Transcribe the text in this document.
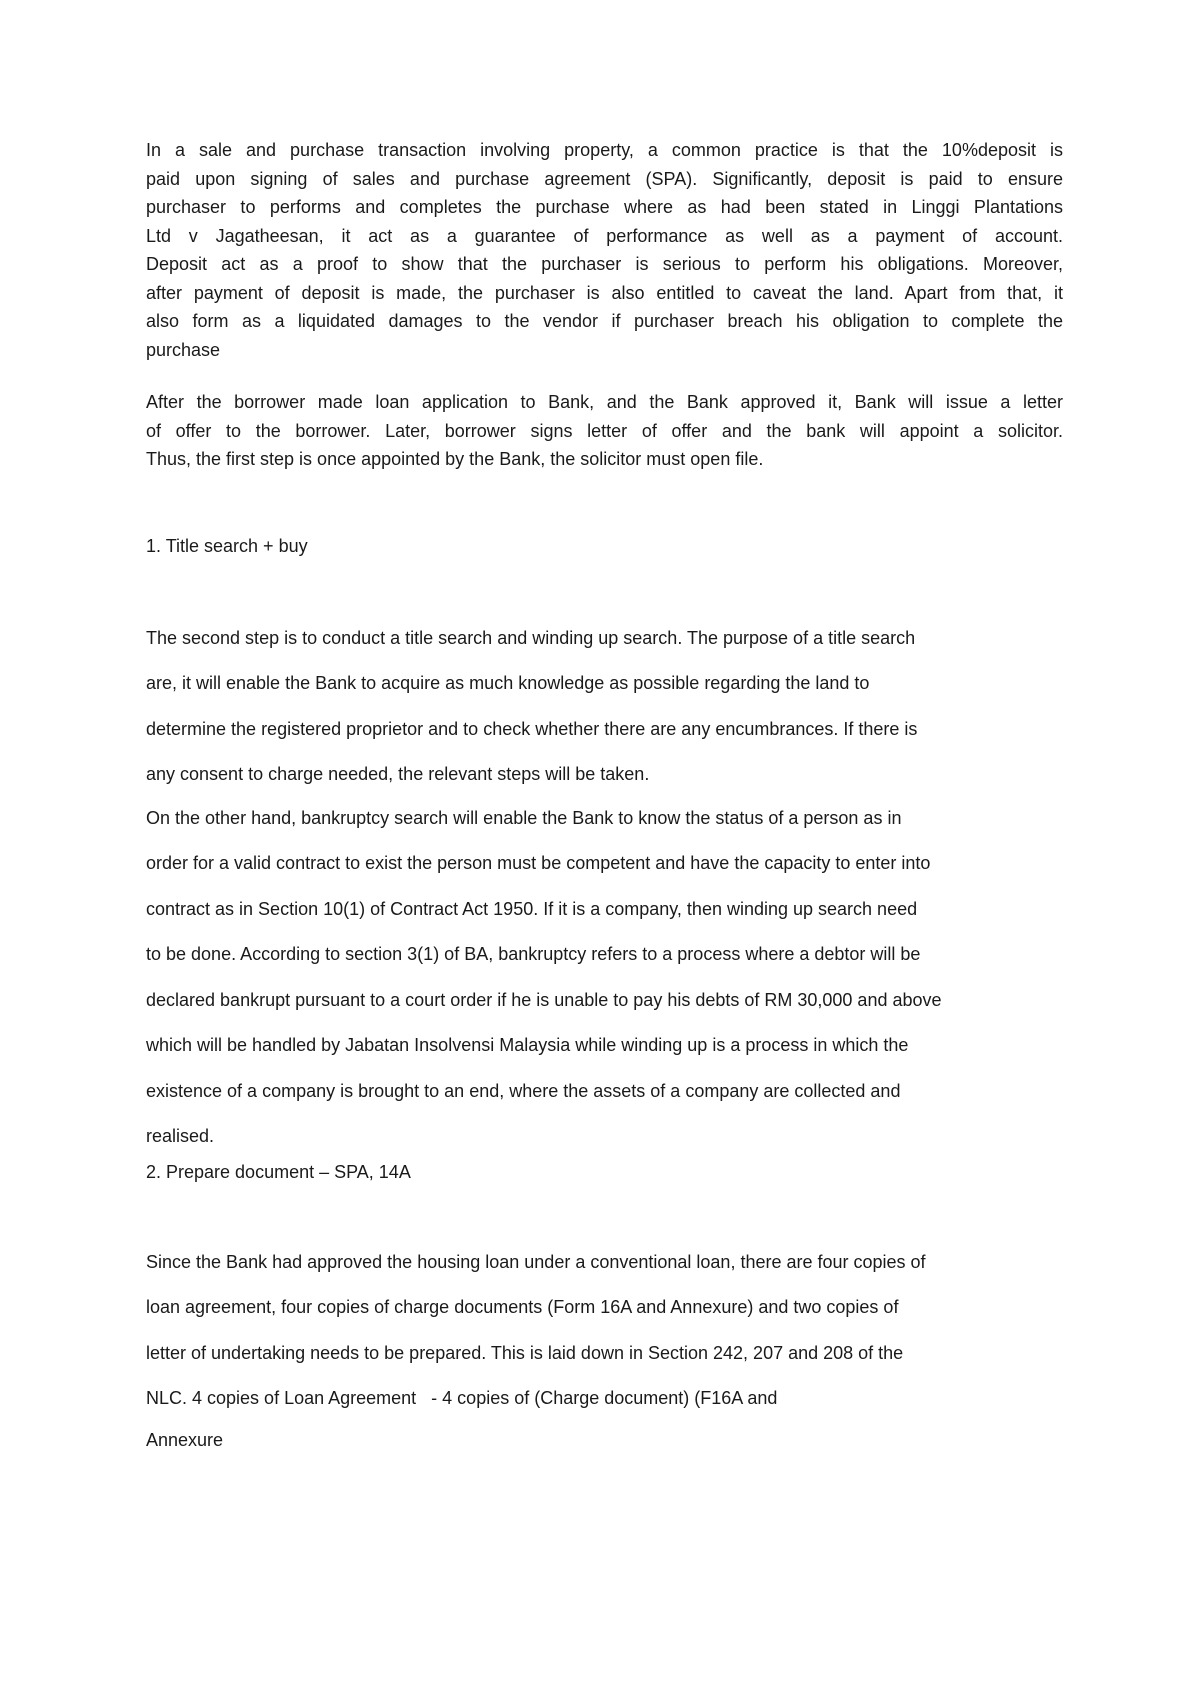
In a sale and purchase transaction involving property, a common practice is that the 10%deposit is
paid upon signing of sales and purchase agreement (SPA). Significantly, deposit is paid to ensure
purchaser to performs and completes the purchase where as had been stated in Linggi Plantations
Ltd v Jagatheesan, it act as a guarantee of performance as well as a payment of account.
Deposit act as a proof to show that the purchaser is serious to perform his obligations. Moreover,
after payment of deposit is made, the purchaser is also entitled to caveat the land. Apart from that, it
also form as a liquidated damages to the vendor if purchaser breach his obligation to complete the
purchase

After the borrower made loan application to Bank, and the Bank approved it, Bank will issue a letter
of offer to the borrower. Later, borrower signs letter of offer and the bank will appoint a solicitor.
Thus, the first step is once appointed by the Bank, the solicitor must open file.

1. Title search + buy

The second step is to conduct a title search and winding up search. The purpose of a title search

are, it will enable the Bank to acquire as much knowledge as possible regarding the land to

determine the registered proprietor and to check whether there are any encumbrances. If there is

any consent to charge needed, the relevant steps will be taken.

On the other hand, bankruptcy search will enable the Bank to know the status of a person as in

order for a valid contract to exist the person must be competent and have the capacity to enter into

contract as in Section 10(1) of Contract Act 1950. If it is a company, then winding up search need

to be done. According to section 3(1) of BA, bankruptcy refers to a process where a debtor will be

declared bankrupt pursuant to a court order if he is unable to pay his debts of RM 30,000 and above

which will be handled by Jabatan Insolvensi Malaysia while winding up is a process in which the

existence of a company is brought to an end, where the assets of a company are collected and

realised.

2. Prepare document – SPA, 14A

Since the Bank had approved the housing loan under a conventional loan, there are four copies of

loan agreement, four copies of charge documents (Form 16A and Annexure) and two copies of

letter of undertaking needs to be prepared. This is laid down in Section 242, 207 and 208 of the

NLC. 4 copies of Loan Agreement   - 4 copies of (Charge document) (F16A and

Annexure
